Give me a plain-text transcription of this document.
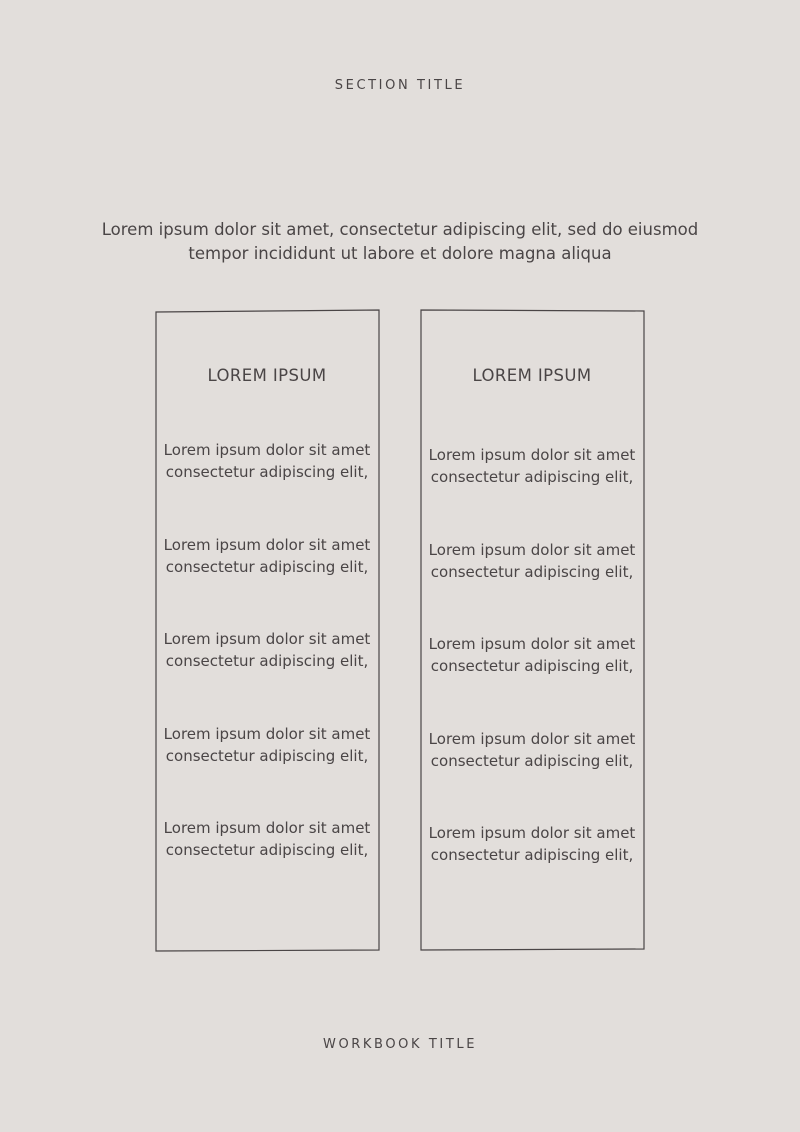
SECTION TITLE
Lorem ipsum dolor sit amet, consectetur adipiscing elit, sed do eiusmod tempor incididunt ut labore et dolore magna aliqua
LOREM IPSUM
Lorem ipsum dolor sit amet consectetur adipiscing elit,
Lorem ipsum dolor sit amet consectetur adipiscing elit,
Lorem ipsum dolor sit amet consectetur adipiscing elit,
Lorem ipsum dolor sit amet consectetur adipiscing elit,
Lorem ipsum dolor sit amet consectetur adipiscing elit,
LOREM IPSUM
Lorem ipsum dolor sit amet consectetur adipiscing elit,
Lorem ipsum dolor sit amet consectetur adipiscing elit,
Lorem ipsum dolor sit amet consectetur adipiscing elit,
Lorem ipsum dolor sit amet consectetur adipiscing elit,
Lorem ipsum dolor sit amet consectetur adipiscing elit,
WORKBOOK TITLE
